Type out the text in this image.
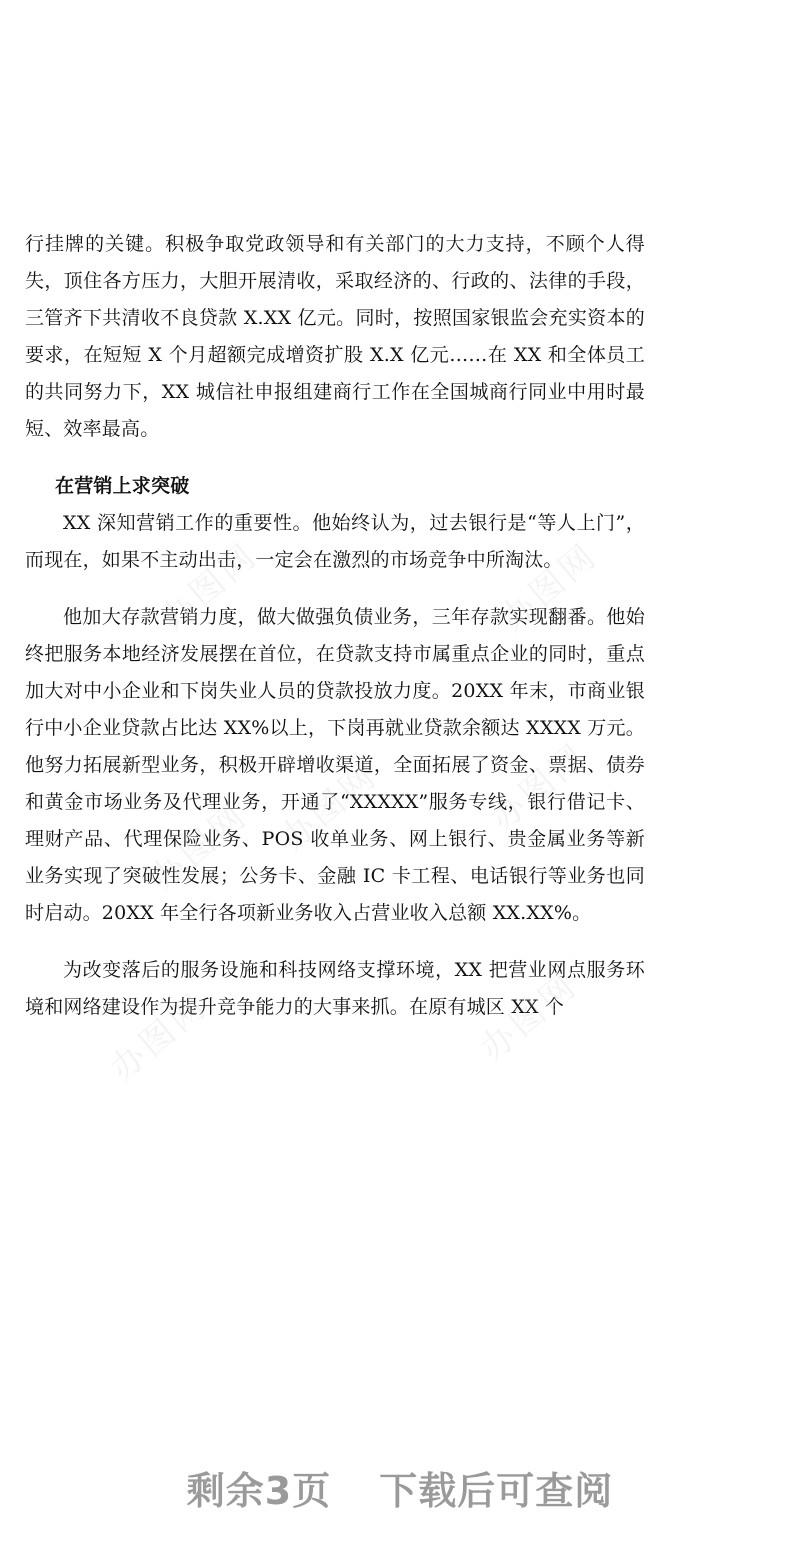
行挂牌的关键。积极争取党政领导和有关部门的大力支持，不顾个人得失，顶住各方压力，大胆开展清收，采取经济的、行政的、法律的手段，三管齐下共清收不良贷款 X.XX 亿元。同时，按照国家银监会充实资本的要求，在短短 X 个月超额完成增资扩股 X.X 亿元……在 XX 和全体员工的共同努力下，XX 城信社申报组建商行工作在全国城商行同业中用时最短、效率最高。

在营销上求突破

XX 深知营销工作的重要性。他始终认为，过去银行是“等人上门”，而现在，如果不主动出击，一定会在激烈的市场竞争中所淘汰。

他加大存款营销力度，做大做强负债业务，三年存款实现翻番。他始终把服务本地经济发展摆在首位，在贷款支持市属重点企业的同时，重点加大对中小企业和下岗失业人员的贷款投放力度。20XX 年末，市商业银行中小企业贷款占比达 XX%以上，下岗再就业贷款余额达 XXXX 万元。他努力拓展新型业务，积极开辟增收渠道，全面拓展了资金、票据、债券和黄金市场业务及代理业务，开通了“XXXXX”服务专线，银行借记卡、理财产品、代理保险业务、POS 收单业务、网上银行、贵金属业务等新业务实现了突破性发展；公务卡、金融 IC 卡工程、电话银行等业务也同时启动。20XX 年全行各项新业务收入占营业收入总额 XX.XX%。

为改变落后的服务设施和科技网络支撑环境，XX 把营业网点服务环境和网络建设作为提升竞争能力的大事来抓。在原有城区 XX 个

办图网	办图网
办图网 办图网	办图网
办图网	办图网
剩余3页 下载后可查阅
